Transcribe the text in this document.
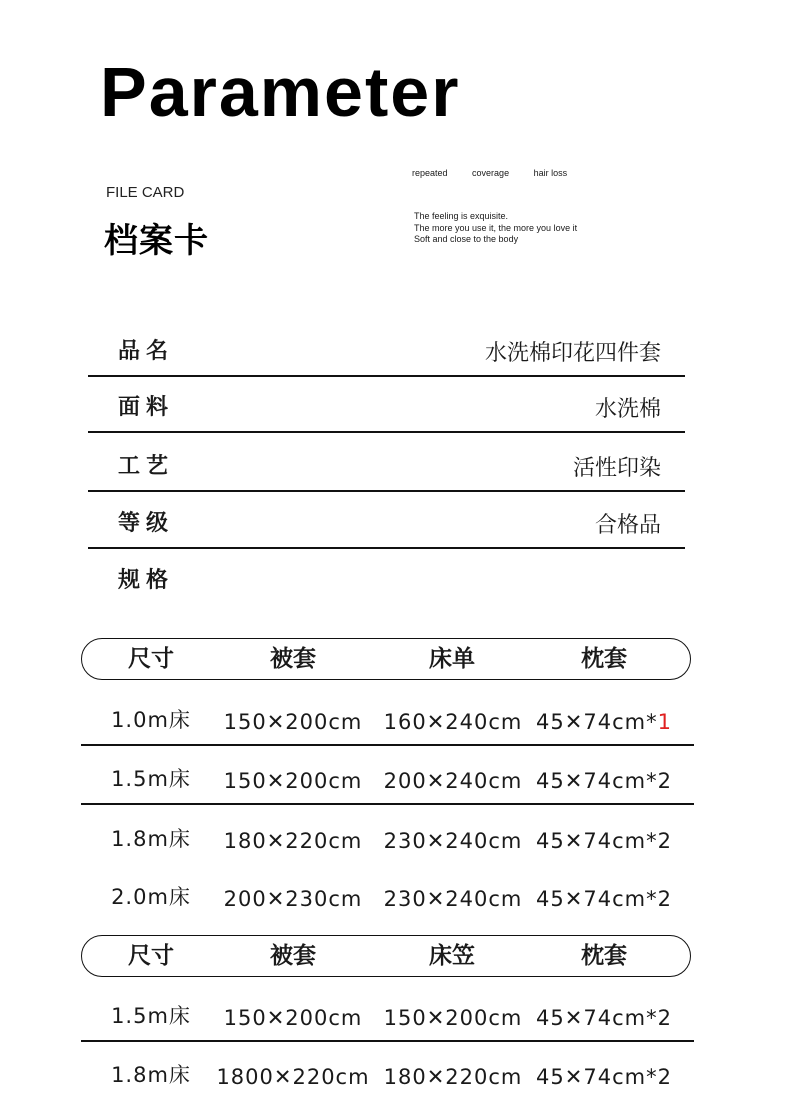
Parameter
FILE CARD
档案卡
repeated	coverage	hair loss
The feeling is exquisite.
The more you use it, the more you love it
Soft and close to the body
品名	水洗棉印花四件套
面料	水洗棉
工艺	活性印染
等级	合格品
规格
尺寸	被套	床单	枕套
1.0m床 150✕200cm 160✕240cm 45✕74cm*1
1.5m床 150✕200cm 200✕240cm 45✕74cm*2
1.8m床 180✕220cm 230✕240cm 45✕74cm*2
2.0m床 200✕230cm 230✕240cm 45✕74cm*2
尺寸	被套	床笠	枕套
1.5m床 150✕200cm 150✕200cm 45✕74cm*2
1.8m床 1800✕220cm 180✕220cm 45✕74cm*2
